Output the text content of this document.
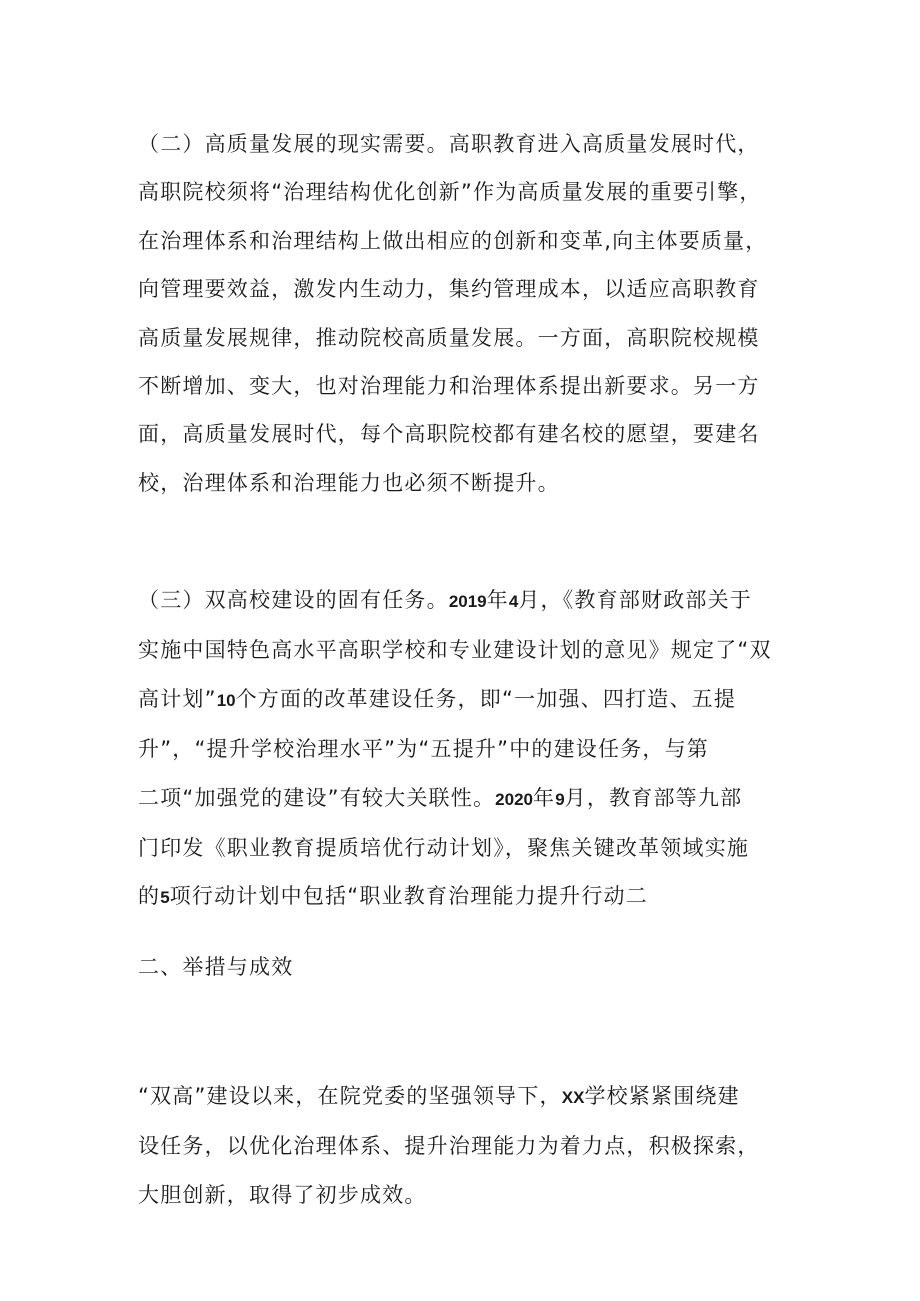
（二）高质量发展的现实需要。高职教育进入高质量发展时代，
高职院校须将“治理结构优化创新”作为高质量发展的重要引擎，
在治理体系和治理结构上做出相应的创新和变革,向主体要质量，
向管理要效益，激发内生动力，集约管理成本，以适应高职教育
高质量发展规律，推动院校高质量发展。一方面，高职院校规模
不断增加、变大，也对治理能力和治理体系提出新要求。另一方
面，高质量发展时代，每个高职院校都有建名校的愿望，要建名
校，治理体系和治理能力也必须不断提升。
（三）双高校建设的固有任务。2019年4月，《教育部财政部关于
实施中国特色高水平高职学校和专业建设计划的意见》规定了“双
高计划”10个方面的改革建设任务，即“一加强、四打造、五提
升”，“提升学校治理水平”为“五提升”中的建设任务，与第
二项“加强党的建设”有较大关联性。2020年9月，教育部等九部
门印发《职业教育提质培优行动计划》，聚焦关键改革领域实施
的5项行动计划中包括“职业教育治理能力提升行动二
二、举措与成效
“双高”建设以来，在院党委的坚强领导下，XX学校紧紧围绕建
设任务，以优化治理体系、提升治理能力为着力点，积极探索，
大胆创新，取得了初步成效。
